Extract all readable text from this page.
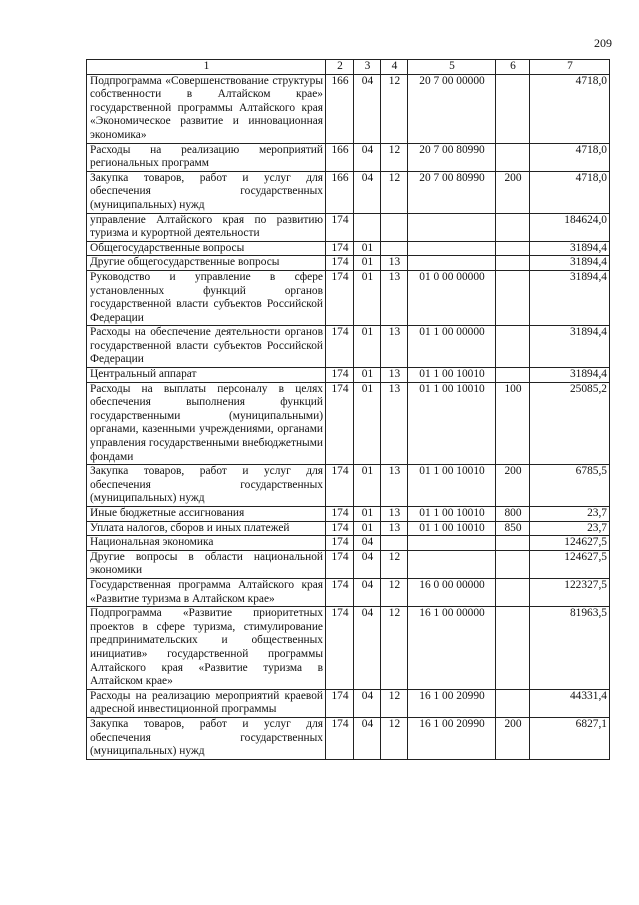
209
1	2	3	4	5	6	7
Подпрограмма «Совершенствование структуры собственности в Алтайском крае» государственной программы Алтайского края «Экономическое развитие и инновационная экономика»	166	04	12	20 7 00 00000		4718,0
Расходы на реализацию мероприятий региональных программ	166	04	12	20 7 00 80990		4718,0
Закупка товаров, работ и услуг для обеспечения государственных (муниципальных) нужд	166	04	12	20 7 00 80990	200	4718,0
управление Алтайского края по развитию туризма и курортной деятельности	174					184624,0
Общегосударственные вопросы	174	01				31894,4
Другие общегосударственные вопросы	174	01	13			31894,4
Руководство и управление в сфере установленных функций органов государственной власти субъектов Российской Федерации	174	01	13	01 0 00 00000		31894,4
Расходы на обеспечение деятельности органов государственной власти субъектов Российской Федерации	174	01	13	01 1 00 00000		31894,4
Центральный аппарат	174	01	13	01 1 00 10010		31894,4
Расходы на выплаты персоналу в целях обеспечения выполнения функций государственными (муниципальными) органами, казенными учреждениями, органами управления государственными внебюджетными фондами	174	01	13	01 1 00 10010	100	25085,2
Закупка товаров, работ и услуг для обеспечения государственных (муниципальных) нужд	174	01	13	01 1 00 10010	200	6785,5
Иные бюджетные ассигнования	174	01	13	01 1 00 10010	800	23,7
Уплата налогов, сборов и иных платежей	174	01	13	01 1 00 10010	850	23,7
Национальная экономика	174	04				124627,5
Другие вопросы в области национальной экономики	174	04	12			124627,5
Государственная программа Алтайского края «Развитие туризма в Алтайском крае»	174	04	12	16 0 00 00000		122327,5
Подпрограмма «Развитие приоритетных проектов в сфере туризма, стимулирование предпринимательских и общественных инициатив» государственной программы Алтайского края «Развитие туризма в Алтайском крае»	174	04	12	16 1 00 00000		81963,5
Расходы на реализацию мероприятий краевой адресной инвестиционной программы	174	04	12	16 1 00 20990		44331,4
Закупка товаров, работ и услуг для обеспечения государственных (муниципальных) нужд	174	04	12	16 1 00 20990	200	6827,1
